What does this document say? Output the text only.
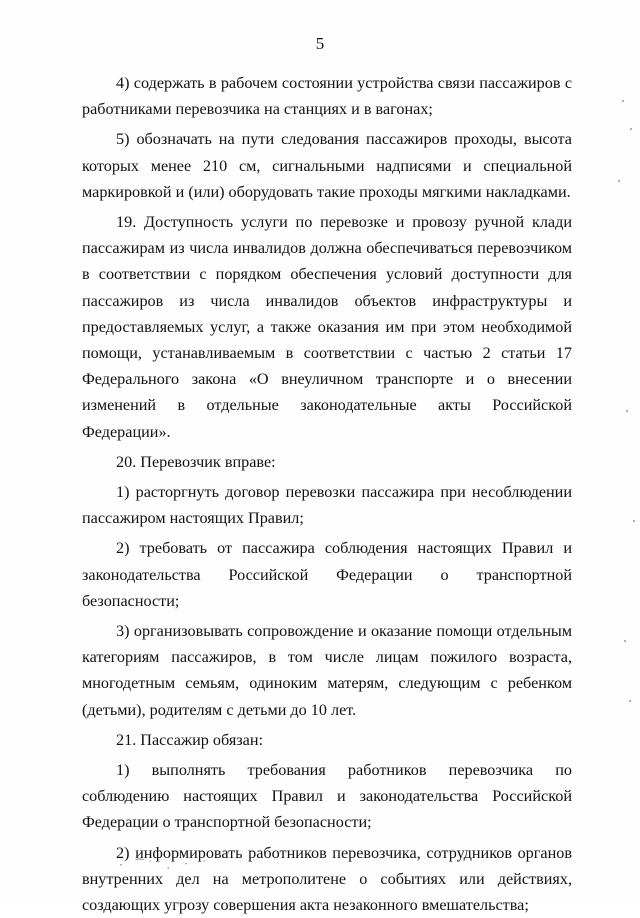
5

4) содержать в рабочем состоянии устройства связи пассажиров с работниками перевозчика на станциях и в вагонах;

5) обозначать на пути следования пассажиров проходы, высота которых менее 210 см, сигнальными надписями и специальной маркировкой и (или) оборудовать такие проходы мягкими накладками.

19. Доступность услуги по перевозке и провозу ручной клади пассажирам из числа инвалидов должна обеспечиваться перевозчиком в соответствии с порядком обеспечения условий доступности для пассажиров из числа инвалидов объектов инфраструктуры и предоставляемых услуг, а также оказания им при этом необходимой помощи, устанавливаемым в соответствии с частью 2 статьи 17 Федерального закона «О внеуличном транспорте и о внесении изменений в отдельные законодательные акты Российской Федерации».

20. Перевозчик вправе:

1) расторгнуть договор перевозки пассажира при несоблюдении пассажиром настоящих Правил;

2) требовать от пассажира соблюдения настоящих Правил и законодательства Российской Федерации о транспортной безопасности;

3) организовывать сопровождение и оказание помощи отдельным категориям пассажиров, в том числе лицам пожилого возраста, многодетным семьям, одиноким матерям, следующим с ребенком (детьми), родителям с детьми до 10 лет.

21. Пассажир обязан:

1) выполнять требования работников перевозчика по соблюдению настоящих Правил и законодательства Российской Федерации о транспортной безопасности;

2) информировать работников перевозчика, сотрудников органов внутренних дел на метрополитене о событиях или действиях, создающих угрозу совершения акта незаконного вмешательства;

· ⁀˙ ˌ ˑ ˙
